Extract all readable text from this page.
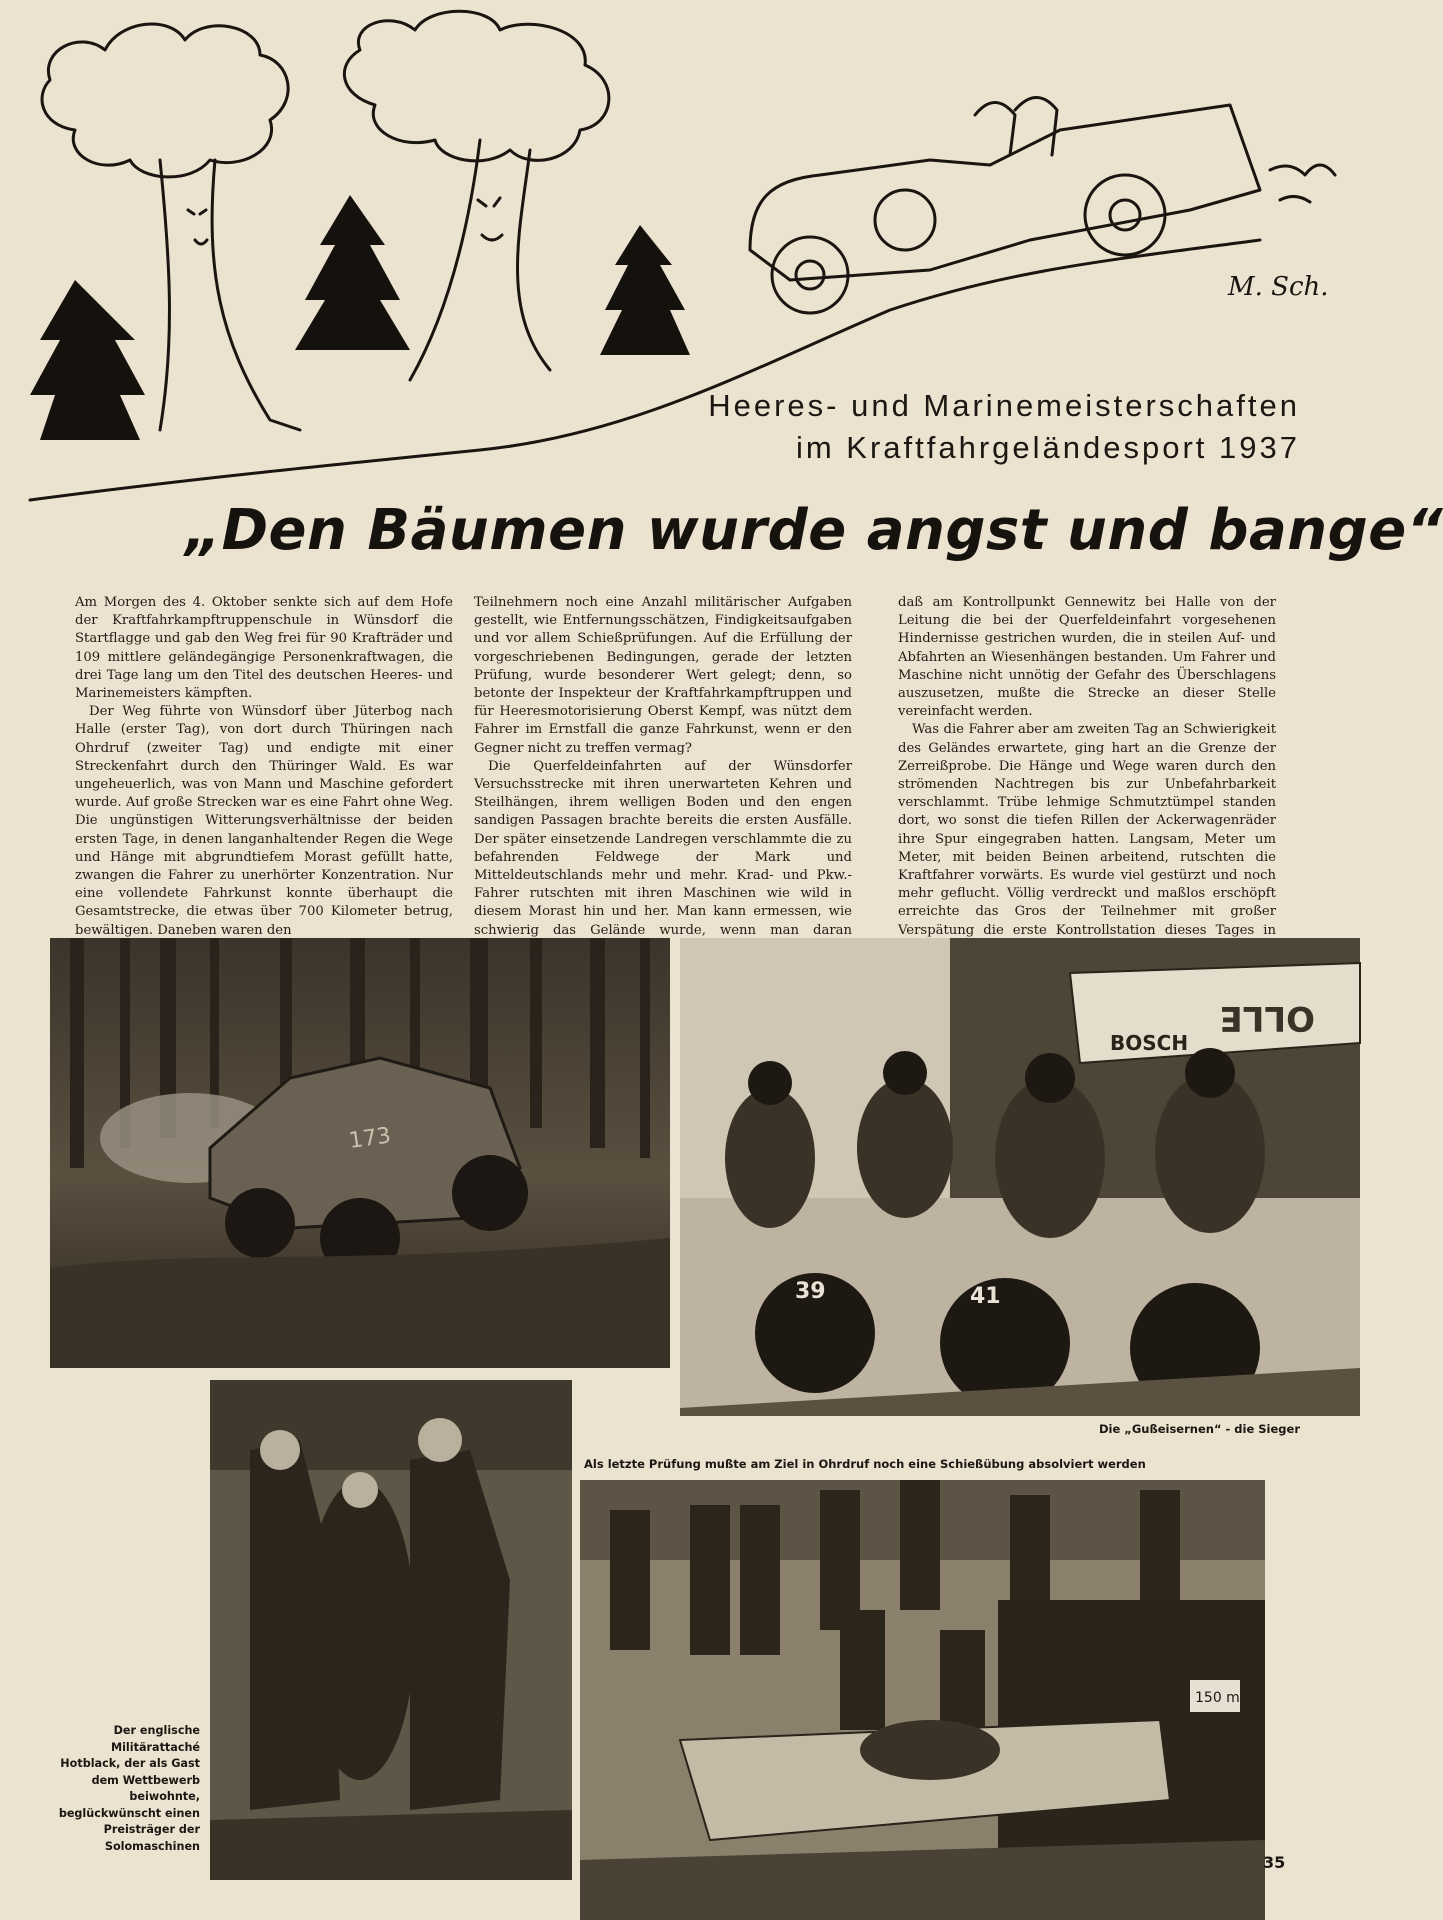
M. Sch.
Heeres- und Marinemeisterschaften
im Kraftfahrgeländesport 1937
„Den Bäumen wurde angst und bange“

Am Morgen des 4. Oktober senkte sich auf dem Hofe der Kraftfahrkampftruppenschule in Wünsdorf die Startflagge und gab den Weg frei für 90 Krafträder und 109 mittlere geländegängige Personenkraftwagen, die drei Tage lang um den Titel des deutschen Heeres- und Marinemeisters kämpften.

Der Weg führte von Wünsdorf über Jüterbog nach Halle (erster Tag), von dort durch Thüringen nach Ohrdruf (zweiter Tag) und endigte mit einer Streckenfahrt durch den Thüringer Wald. Es war ungeheuerlich, was von Mann und Maschine gefordert wurde. Auf große Strecken war es eine Fahrt ohne Weg. Die ungünstigen Witterungsverhältnisse der beiden ersten Tage, in denen langanhaltender Regen die Wege und Hänge mit abgrundtiefem Morast gefüllt hatte, zwangen die Fahrer zu unerhörter Konzentration. Nur eine vollendete Fahrkunst konnte überhaupt die Gesamtstrecke, die etwas über 700 Kilometer betrug, bewältigen. Daneben waren den

Teilnehmern noch eine Anzahl militärischer Aufgaben gestellt, wie Entfernungsschätzen, Findigkeitsaufgaben und vor allem Schießprüfungen. Auf die Erfüllung der vorgeschriebenen Bedingungen, gerade der letzten Prüfung, wurde besonderer Wert gelegt; denn, so betonte der Inspekteur der Kraftfahrkampftruppen und für Heeresmotorisierung Oberst Kempf, was nützt dem Fahrer im Ernstfall die ganze Fahrkunst, wenn er den Gegner nicht zu treffen vermag?

Die Querfeldeinfahrten auf der Wünsdorfer Versuchsstrecke mit ihren unerwarteten Kehren und Steilhängen, ihrem welligen Boden und den engen sandigen Passagen brachte bereits die ersten Ausfälle. Der später einsetzende Landregen verschlammte die zu befahrenden Feldwege der Mark und Mitteldeutschlands mehr und mehr. Krad- und Pkw.-Fahrer rutschten mit ihren Maschinen wie wild in diesem Morast hin und her. Man kann ermessen, wie schwierig das Gelände wurde, wenn man daran

daß am Kontrollpunkt Gennewitz bei Halle von der Leitung die bei der Querfeldeinfahrt vorgesehenen Hindernisse gestrichen wurden, die in steilen Auf- und Abfahrten an Wiesenhängen bestanden. Um Fahrer und Maschine nicht unnötig der Gefahr des Überschlagens auszusetzen, mußte die Strecke an dieser Stelle vereinfacht werden.

Was die Fahrer aber am zweiten Tag an Schwierigkeit des Geländes erwartete, ging hart an die Grenze der Zerreißprobe. Die Hänge und Wege waren durch den strömenden Nachtregen bis zur Unbefahrbarkeit verschlammt. Trübe lehmige Schmutztümpel standen dort, wo sonst die tiefen Rillen der Ackerwagenräder ihre Spur eingegraben hatten. Langsam, Meter um Meter, mit beiden Beinen arbeitend, rutschten die Kraftfahrer vorwärts. Es wurde viel gestürzt und noch mehr geflucht. Völlig verdreckt und maßlos erschöpft erreichte das Gros der Teilnehmer mit großer Verspätung die erste Kontrollstation dieses Tages in

173
BOSCH
OLLE
39	41
Die „Gußeisernen“ - die Sieger
Der englische Militärattaché Hotblack, der als Gast dem Wettbewerb beiwohnte, beglückwünscht einen Preisträger der Solomaschinen
150 m
Als letzte Prüfung mußte am Ziel in Ohrdruf noch eine Schießübung absolviert werden
35
